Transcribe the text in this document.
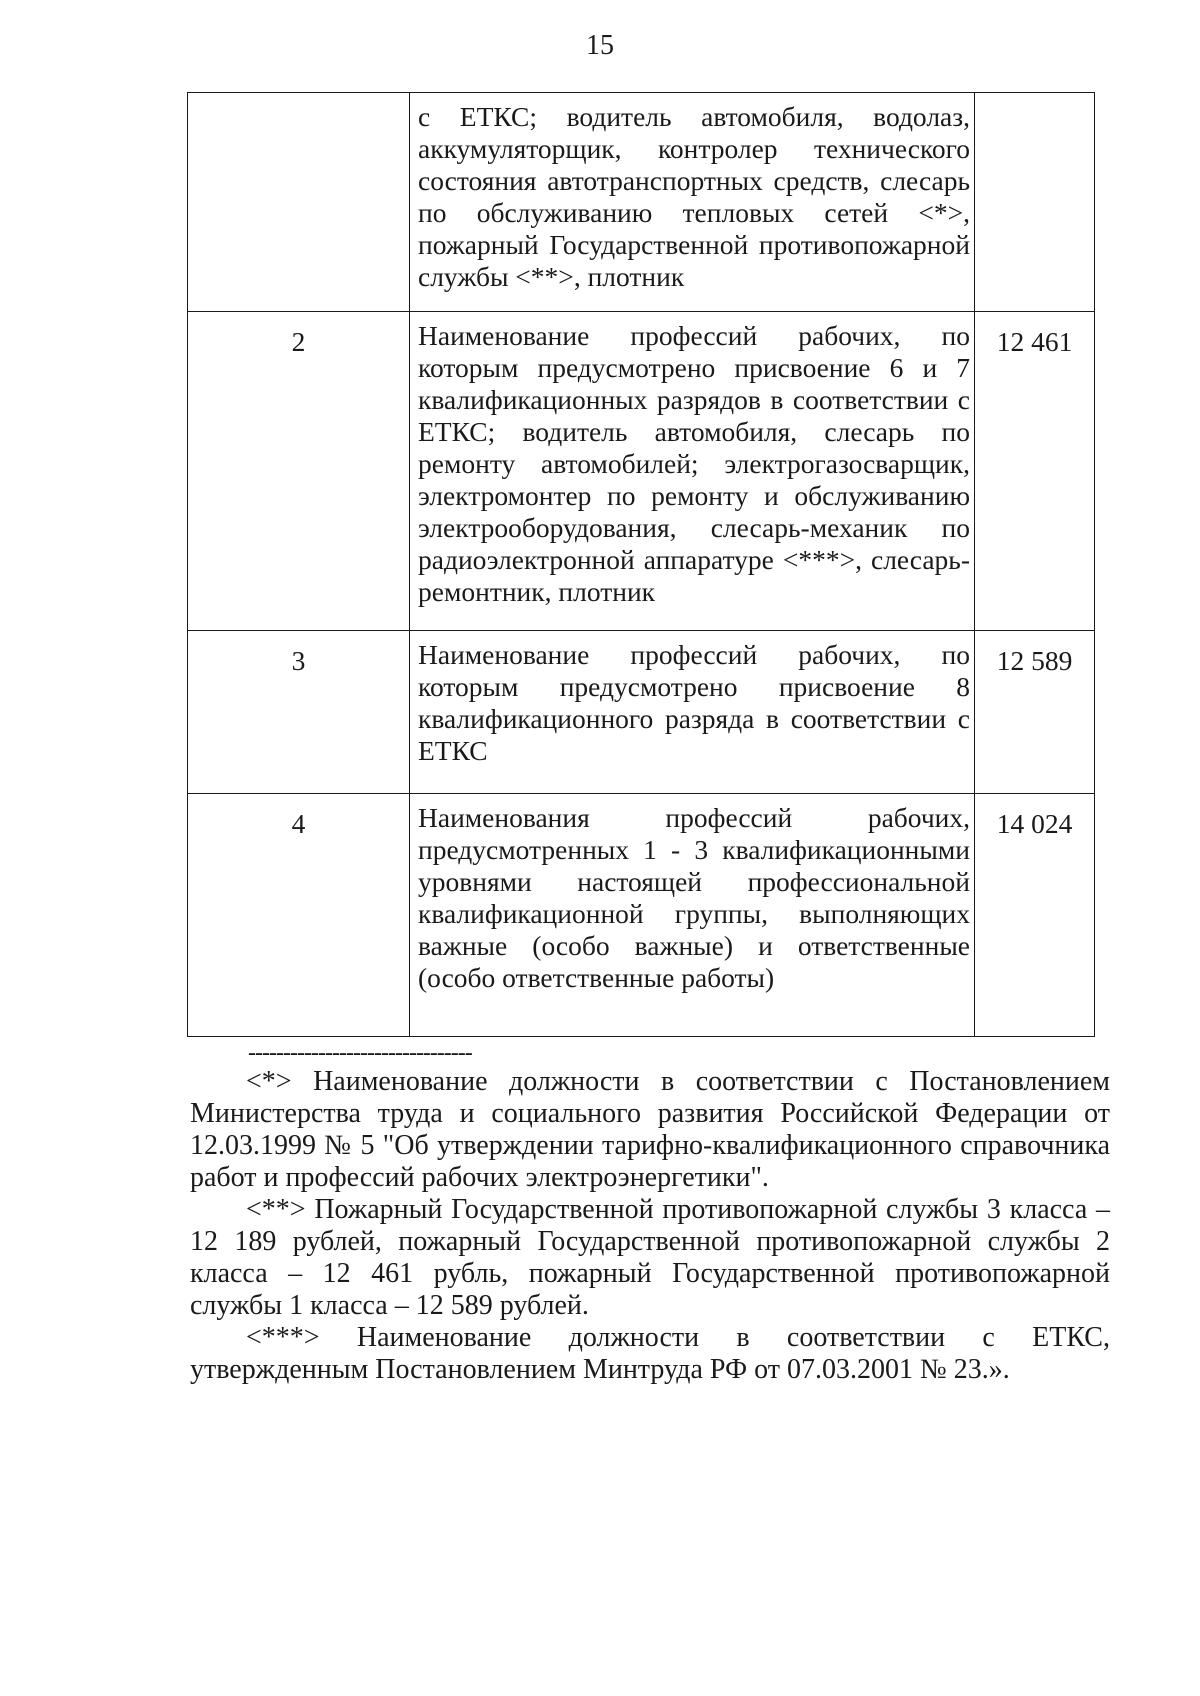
15
	с ЕТКС; водитель автомобиля, водолаз, аккумуляторщик, контролер технического состояния автотранспортных средств, слесарь по обслуживанию тепловых сетей <*>, пожарный Государственной противопожарной службы <**>, плотник	
2	Наименование профессий рабочих, по которым предусмотрено присвоение 6 и 7 квалификационных разрядов в соответствии с ЕТКС; водитель автомобиля, слесарь по ремонту автомобилей; электрогазосварщик, электромонтер по ремонту и обслуживанию электрооборудования, слесарь-механик по радиоэлектронной аппаратуре <***>, слесарь-ремонтник, плотник	12 461
3	Наименование профессий рабочих, по которым предусмотрено присвоение 8 квалификационного разряда в соответствии с ЕТКС	12 589
4	Наименования профессий рабочих, предусмотренных 1 - 3 квалификационными уровнями настоящей профессиональной квалификационной группы, выполняющих важные (особо важные) и ответственные (особо ответственные работы)	14 024
--------------------------------

<*> Наименование должности в соответствии с Постановлением Министерства труда и социального развития Российской Федерации от 12.03.1999 № 5 "Об утверждении тарифно-квалификационного справочника работ и профессий рабочих электроэнергетики".

<**> Пожарный Государственной противопожарной службы 3 класса – 12 189 рублей, пожарный Государственной противопожарной службы 2 класса – 12 461 рубль, пожарный Государственной противопожарной службы 1 класса – 12 589 рублей.

<***> Наименование должности в соответствии с ЕТКС, утвержденным Постановлением Минтруда РФ от 07.03.2001 № 23.».
